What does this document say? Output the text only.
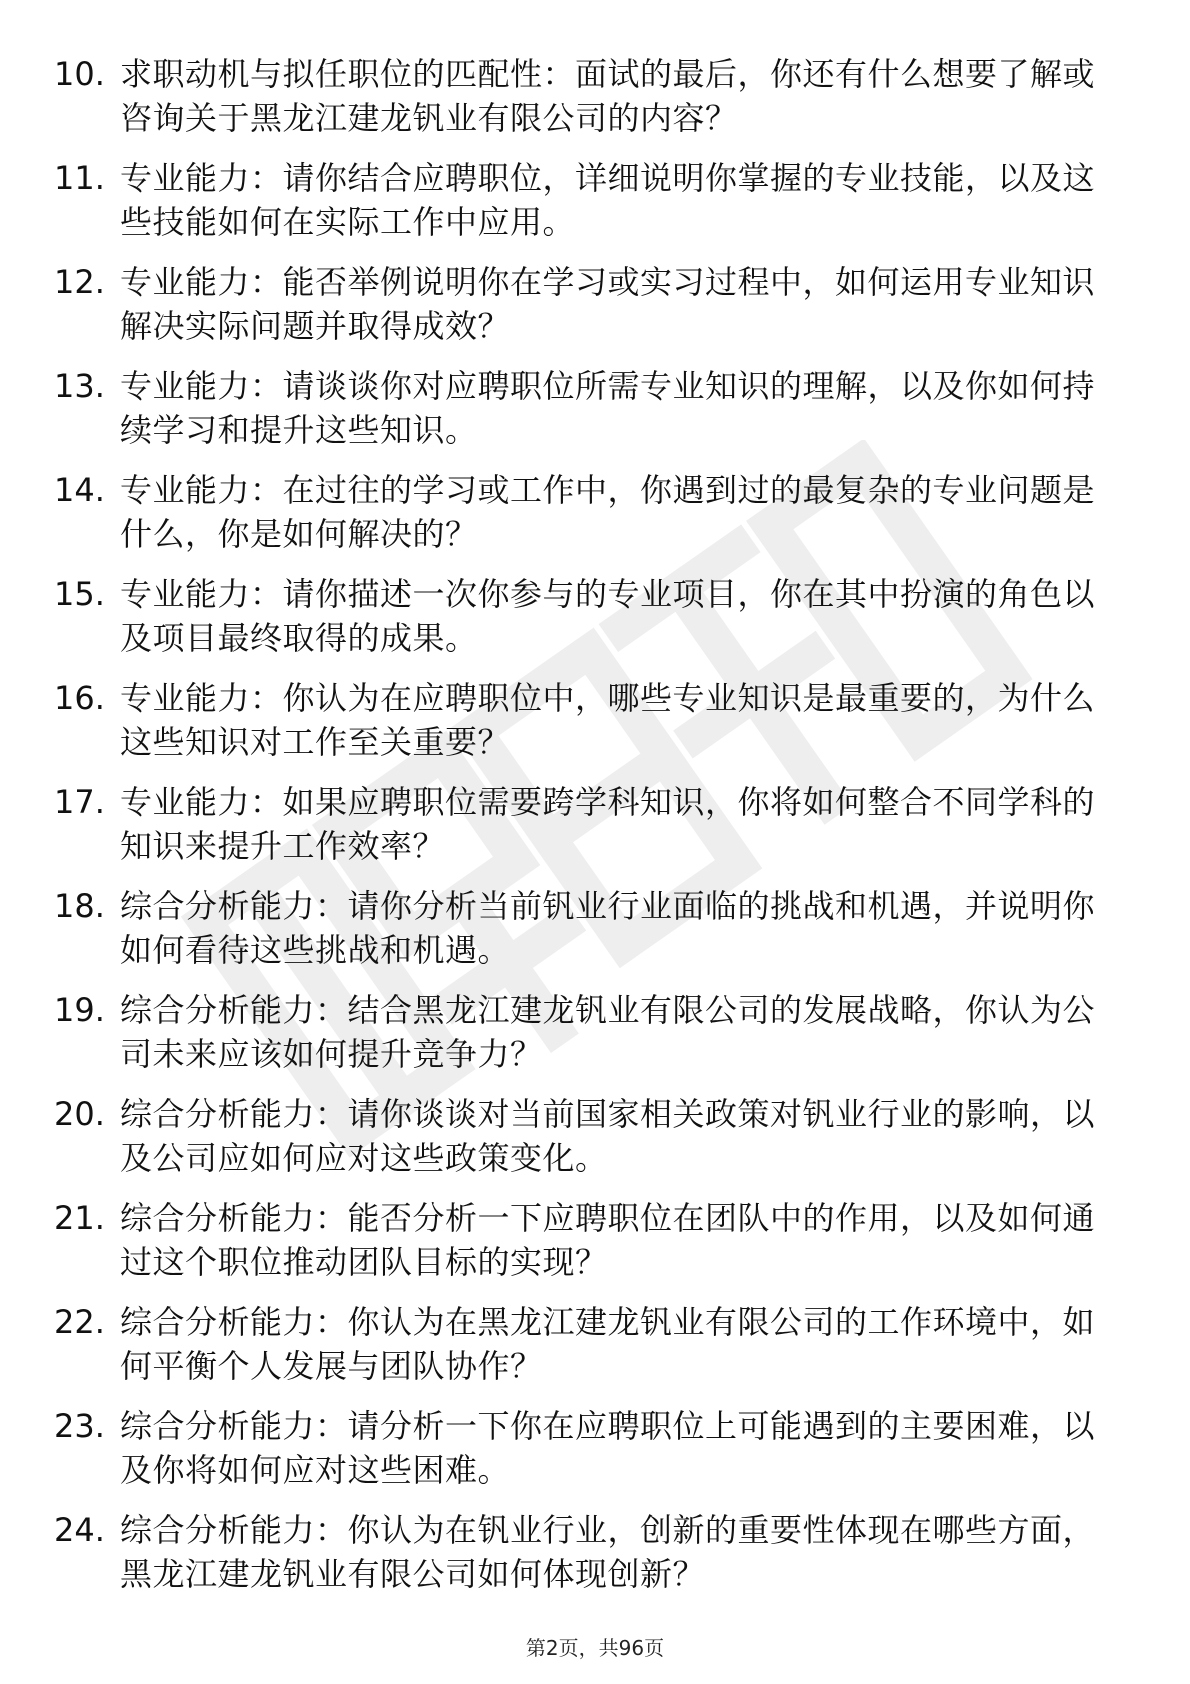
10. 求职动机与拟任职位的匹配性：面试的最后，你还有什么想要了解或咨询关于黑龙江建龙钒业有限公司的内容？
11. 专业能力：请你结合应聘职位，详细说明你掌握的专业技能，以及这些技能如何在实际工作中应用。
12. 专业能力：能否举例说明你在学习或实习过程中，如何运用专业知识解决实际问题并取得成效？
13. 专业能力：请谈谈你对应聘职位所需专业知识的理解，以及你如何持续学习和提升这些知识。
14. 专业能力：在过往的学习或工作中，你遇到过的最复杂的专业问题是什么，你是如何解决的？
15. 专业能力：请你描述一次你参与的专业项目，你在其中扮演的角色以及项目最终取得的成果。
16. 专业能力：你认为在应聘职位中，哪些专业知识是最重要的，为什么这些知识对工作至关重要？
17. 专业能力：如果应聘职位需要跨学科知识，你将如何整合不同学科的知识来提升工作效率？
18. 综合分析能力：请你分析当前钒业行业面临的挑战和机遇，并说明你如何看待这些挑战和机遇。
19. 综合分析能力：结合黑龙江建龙钒业有限公司的发展战略，你认为公司未来应该如何提升竞争力？
20. 综合分析能力：请你谈谈对当前国家相关政策对钒业行业的影响，以及公司应如何应对这些政策变化。
21. 综合分析能力：能否分析一下应聘职位在团队中的作用，以及如何通过这个职位推动团队目标的实现？
22. 综合分析能力：你认为在黑龙江建龙钒业有限公司的工作环境中，如何平衡个人发展与团队协作？
23. 综合分析能力：请分析一下你在应聘职位上可能遇到的主要困难，以及你将如何应对这些困难。
24. 综合分析能力：你认为在钒业行业，创新的重要性体现在哪些方面，黑龙江建龙钒业有限公司如何体现创新？
第2页，共96页
